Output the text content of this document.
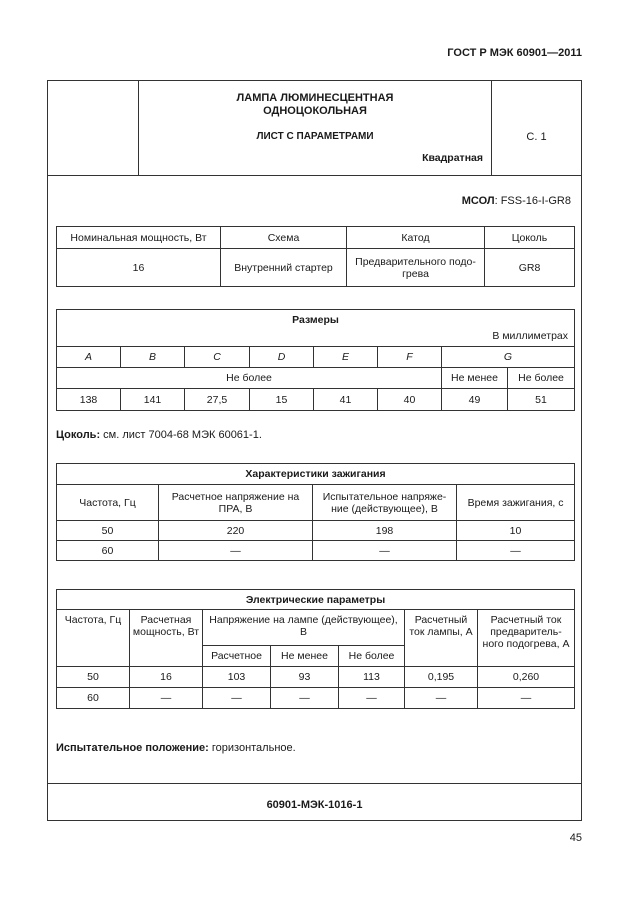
ГОСТ Р МЭК 60901—2011
ЛАМПА ЛЮМИНЕСЦЕНТНАЯ
ОДНОЦОКОЛЬНАЯ
ЛИСТ С ПАРАМЕТРАМИ
Квадратная
С. 1
МСОЛ: FSS-16-I-GR8
Номинальная мощность, Вт	Схема	Катод	Цоколь
16	Внутренний стартер	Предварительного подо-грева	GR8
Размеры
В миллиметрах							

A	B	C	D	E	F	G	
Не более						Не менее	Не более
138	141	27,5	15	41	40	49	51
Цоколь: см. лист 7004-68 МЭК 60061-1.
Характеристики зажигания			
Частота, Гц	Расчетное напряжение на ПРА, В	Испытательное напряже-ние (действующее), В	Время зажигания, с
50	220	198	10
60	—	—	—
Электрические параметры						
Частота, Гц	Расчетная мощность, Вт	Напряжение на лампе (действующее), В			Расчетный ток лампы, А	Расчетный ток предваритель-ного подогрева, А
		Расчетное	Не менее	Не более		
50	16	103	93	113	0,195	0,260
60	—	—	—	—	—	—
Испытательное положение: горизонтальное.
60901-МЭК-1016-1
45
